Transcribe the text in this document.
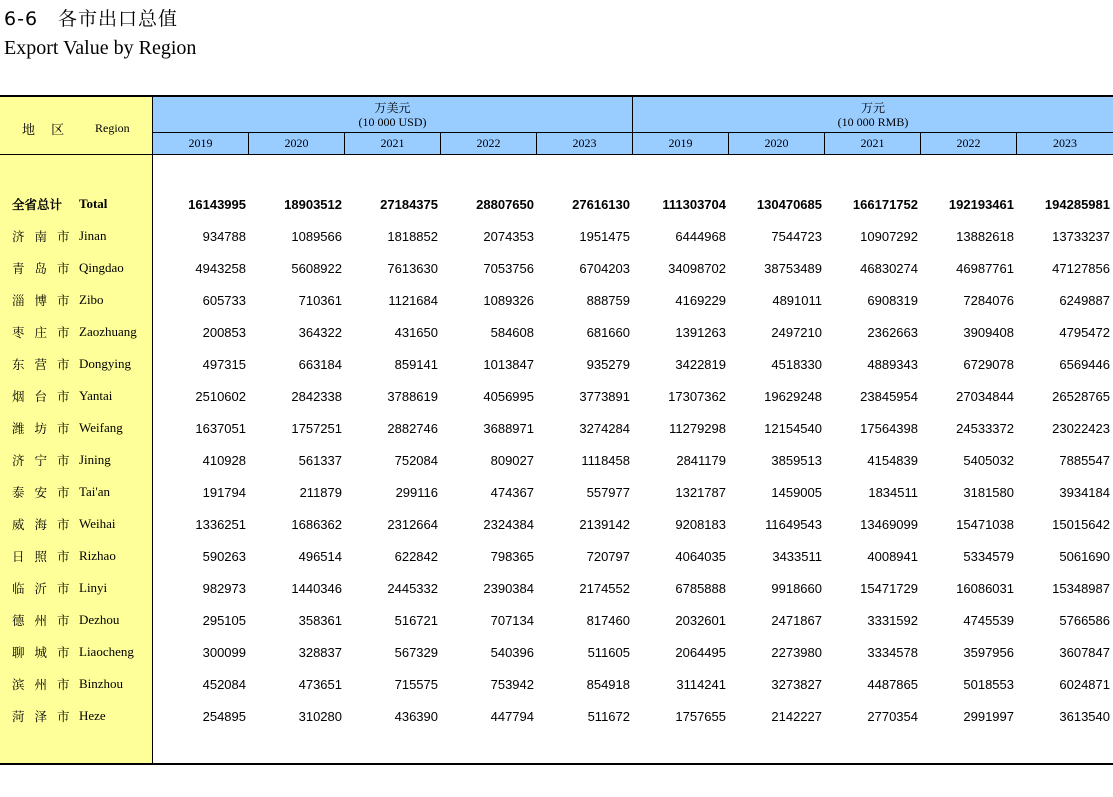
6-6　各市出口总值
Export Value by Region
地 区 Region
万美元
(10 000 USD)
万元
(10 000 RMB)
2019	2020	2021	2022	2023	2019	2020	2021	2022	2023
全省总计	Total	16143995	18903512	27184375	28807650	27616130	111303704	130470685	166171752	192193461	194285981
济 南 市 Jinan	934788	1089566	1818852	2074353	1951475	6444968	7544723	10907292	13882618	13733237
青 岛 市 Qingdao	4943258	5608922	7613630	7053756	6704203	34098702	38753489	46830274	46987761	47127856
淄 博 市 Zibo	605733	710361	1121684	1089326	888759	4169229	4891011	6908319	7284076	6249887
枣 庄 市 Zaozhuang	200853	364322	431650	584608	681660	1391263	2497210	2362663	3909408	4795472
东 营 市 Dongying	497315	663184	859141	1013847	935279	3422819	4518330	4889343	6729078	6569446
烟 台 市 Yantai	2510602	2842338	3788619	4056995	3773891	17307362	19629248	23845954	27034844	26528765
潍 坊 市 Weifang	1637051	1757251	2882746	3688971	3274284	11279298	12154540	17564398	24533372	23022423
济 宁 市 Jining	410928	561337	752084	809027	1118458	2841179	3859513	4154839	5405032	7885547
泰 安 市 Tai'an	191794	211879	299116	474367	557977	1321787	1459005	1834511	3181580	3934184
威 海 市 Weihai	1336251	1686362	2312664	2324384	2139142	9208183	11649543	13469099	15471038	15015642
日 照 市 Rizhao	590263	496514	622842	798365	720797	4064035	3433511	4008941	5334579	5061690
临 沂 市 Linyi	982973	1440346	2445332	2390384	2174552	6785888	9918660	15471729	16086031	15348987
德 州 市 Dezhou	295105	358361	516721	707134	817460	2032601	2471867	3331592	4745539	5766586
聊 城 市 Liaocheng	300099	328837	567329	540396	511605	2064495	2273980	3334578	3597956	3607847
滨 州 市 Binzhou	452084	473651	715575	753942	854918	3114241	3273827	4487865	5018553	6024871
菏 泽 市 Heze	254895	310280	436390	447794	511672	1757655	2142227	2770354	2991997	3613540
